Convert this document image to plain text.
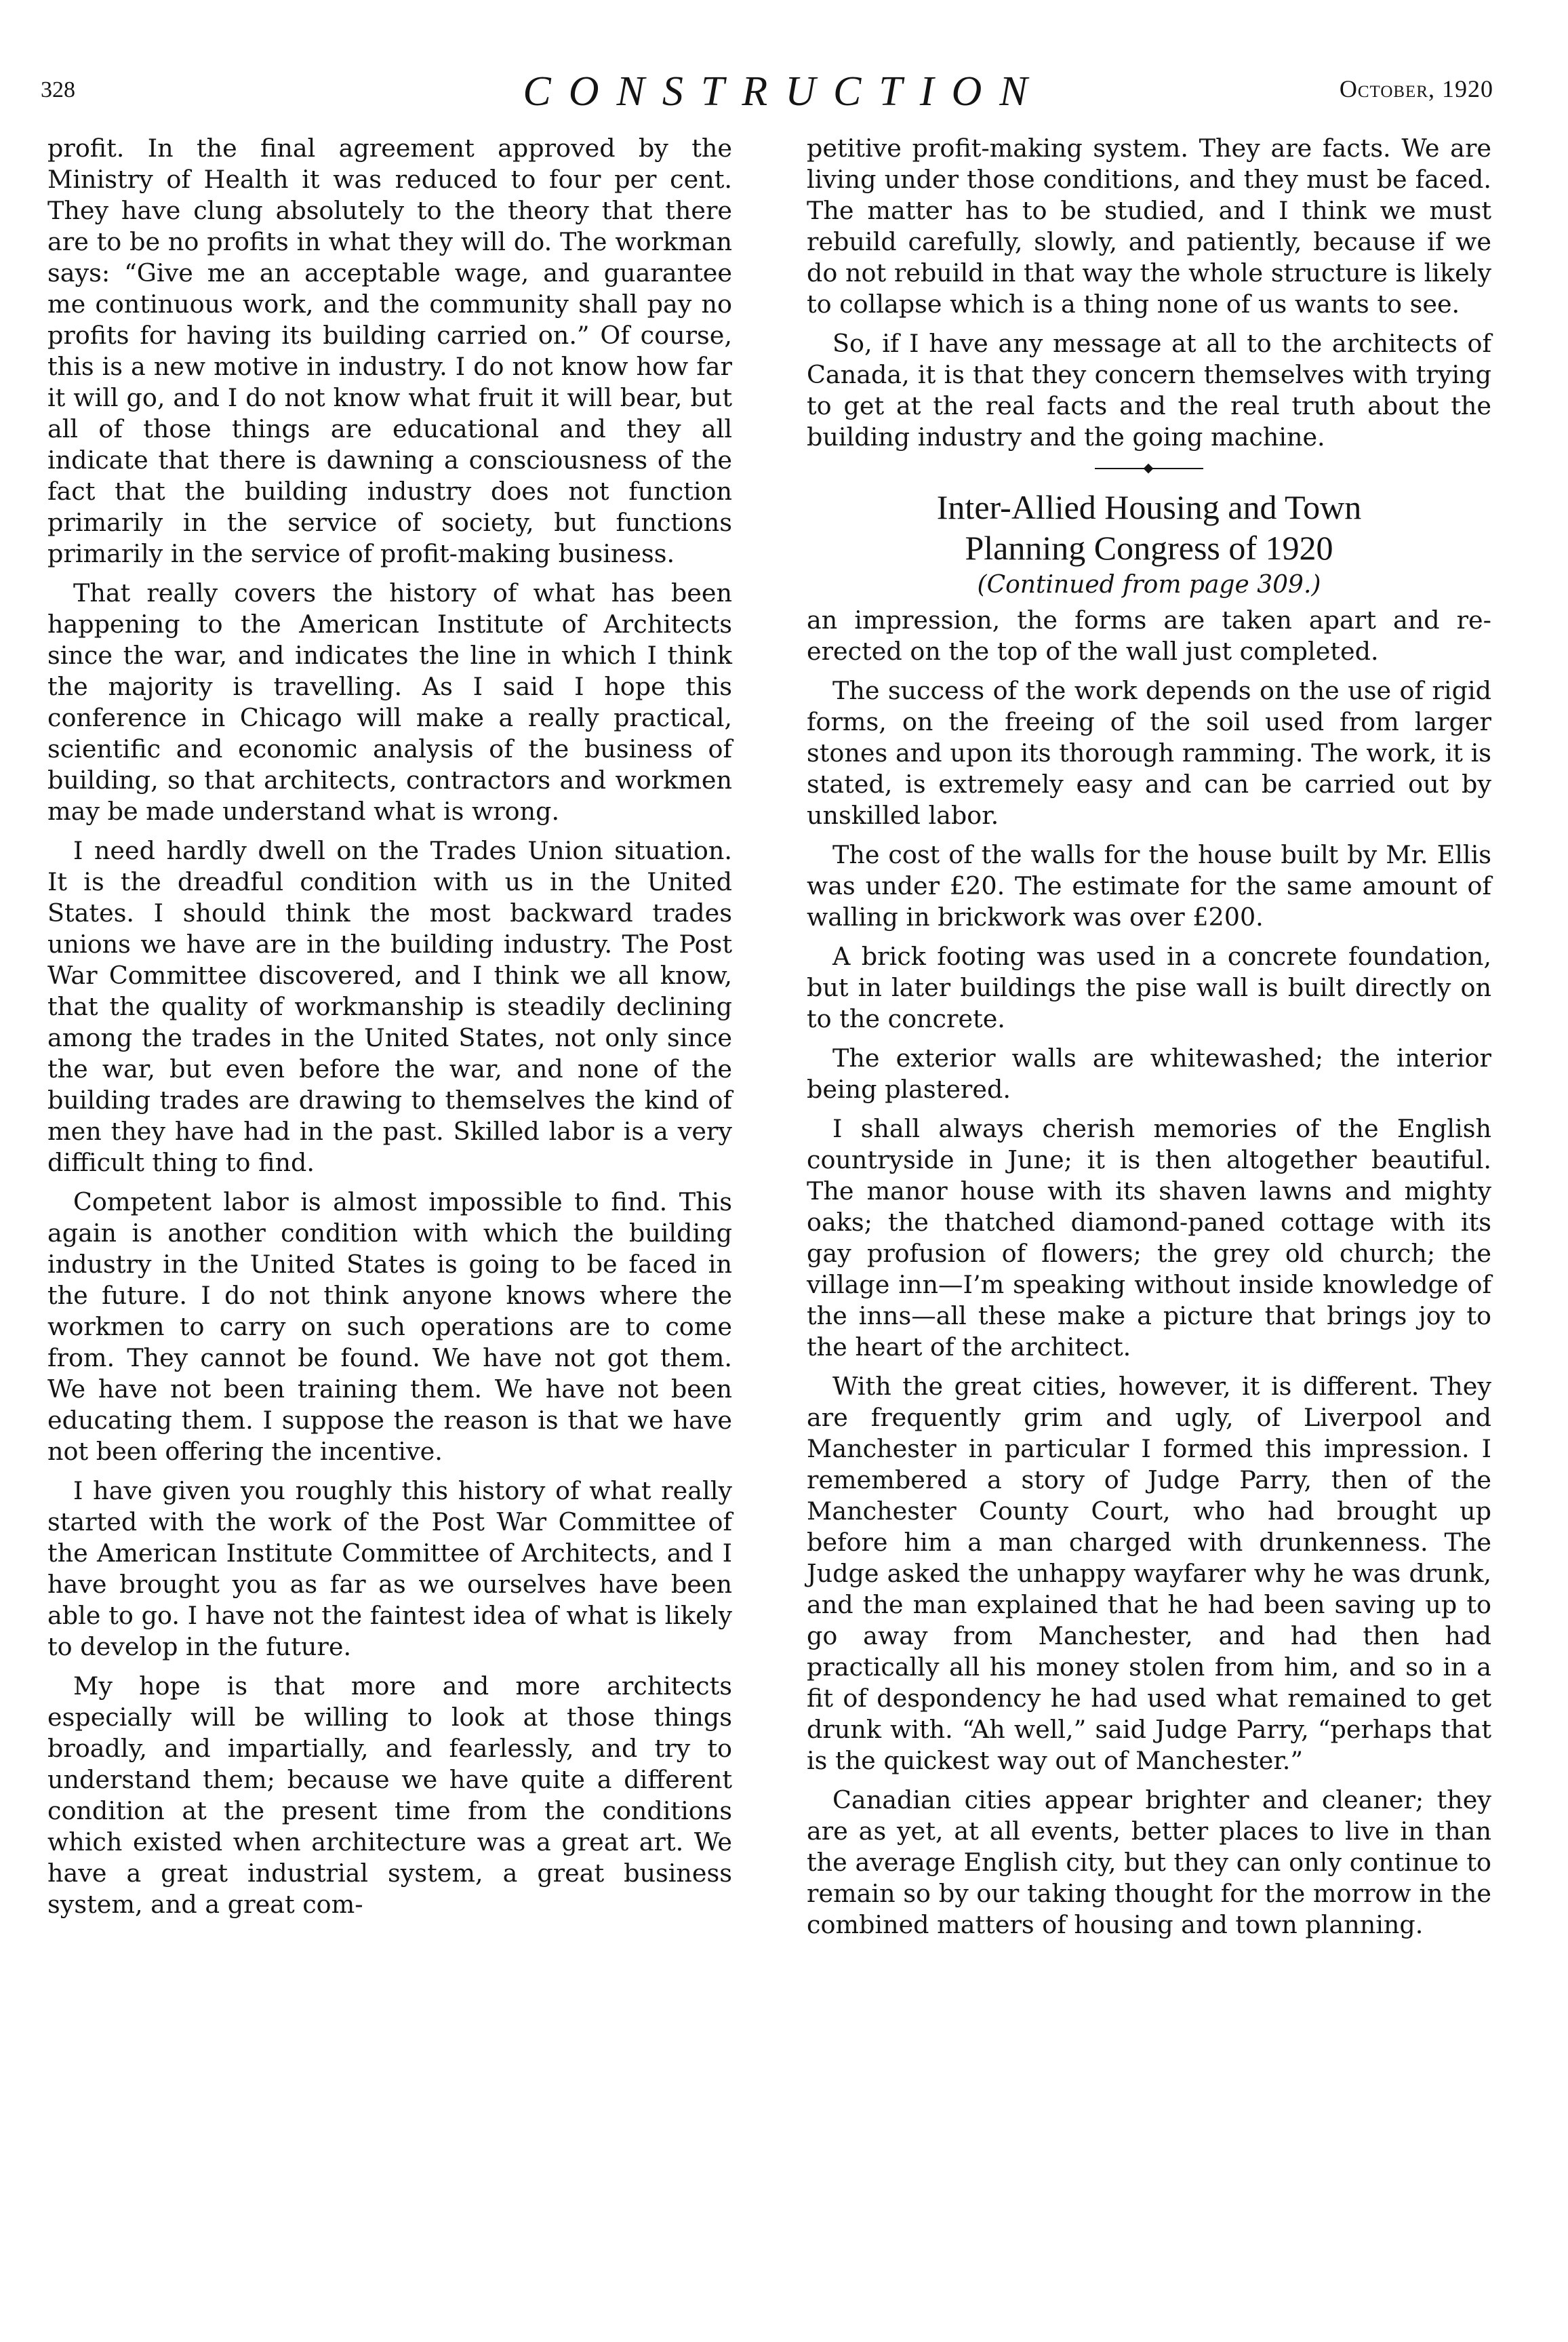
328	CONSTRUCTION	October, 1920

profit. In the final agreement approved by the Ministry of Health it was reduced to four per cent. They have clung absolutely to the theory that there are to be no profits in what they will do. The workman says: “Give me an acceptable wage, and guarantee me continuous work, and the community shall pay no profits for having its building carried on.” Of course, this is a new motive in industry. I do not know how far it will go, and I do not know what fruit it will bear, but all of those things are educational and they all indicate that there is dawning a consciousness of the fact that the building industry does not function primarily in the service of society, but functions primarily in the service of profit-making business.

That really covers the history of what has been happening to the American Institute of Architects since the war, and indicates the line in which I think the majority is travelling. As I said I hope this conference in Chicago will make a really practical, scientific and economic analysis of the business of building, so that architects, contractors and workmen may be made understand what is wrong.

I need hardly dwell on the Trades Union situation. It is the dreadful condition with us in the United States. I should think the most backward trades unions we have are in the building industry. The Post War Committee discovered, and I think we all know, that the quality of workmanship is steadily declining among the trades in the United States, not only since the war, but even before the war, and none of the building trades are drawing to themselves the kind of men they have had in the past. Skilled labor is a very difficult thing to find.

Competent labor is almost impossible to find. This again is another condition with which the building industry in the United States is going to be faced in the future. I do not think anyone knows where the workmen to carry on such operations are to come from. They cannot be found. We have not got them. We have not been training them. We have not been educating them. I suppose the reason is that we have not been offering the incentive.

I have given you roughly this history of what really started with the work of the Post War Committee of the American Institute Committee of Architects, and I have brought you as far as we ourselves have been able to go. I have not the faintest idea of what is likely to develop in the future.

My hope is that more and more architects especially will be willing to look at those things broadly, and impartially, and fearlessly, and try to understand them; because we have quite a different condition at the present time from the conditions which existed when architecture was a great art. We have a great industrial system, a great business system, and a great com-

petitive profit-making system. They are facts. We are living under those conditions, and they must be faced. The matter has to be studied, and I think we must rebuild carefully, slowly, and patiently, because if we do not rebuild in that way the whole structure is likely to collapse which is a thing none of us wants to see.

So, if I have any message at all to the architects of Canada, it is that they concern themselves with trying to get at the real facts and the real truth about the building industry and the going machine.

Inter-Allied Housing and Town
Planning Congress of 1920
(Continued from page 309.)

an impression, the forms are taken apart and re-erected on the top of the wall just completed.

The success of the work depends on the use of rigid forms, on the freeing of the soil used from larger stones and upon its thorough ramming. The work, it is stated, is extremely easy and can be carried out by unskilled labor.

The cost of the walls for the house built by Mr. Ellis was under £20. The estimate for the same amount of walling in brickwork was over £200.

A brick footing was used in a concrete foundation, but in later buildings the pise wall is built directly on to the concrete.

The exterior walls are whitewashed; the interior being plastered.

I shall always cherish memories of the English countryside in June; it is then altogether beautiful. The manor house with its shaven lawns and mighty oaks; the thatched diamond-paned cottage with its gay profusion of flowers; the grey old church; the village inn—I’m speaking without inside knowledge of the inns—all these make a picture that brings joy to the heart of the architect.

With the great cities, however, it is different. They are frequently grim and ugly, of Liverpool and Manchester in particular I formed this impression. I remembered a story of Judge Parry, then of the Manchester County Court, who had brought up before him a man charged with drunkenness. The Judge asked the unhappy wayfarer why he was drunk, and the man explained that he had been saving up to go away from Manchester, and had then had practically all his money stolen from him, and so in a fit of despondency he had used what remained to get drunk with. “Ah well,” said Judge Parry, “perhaps that is the quickest way out of Manchester.”

Canadian cities appear brighter and cleaner; they are as yet, at all events, better places to live in than the average English city, but they can only continue to remain so by our taking thought for the morrow in the combined matters of housing and town planning.
